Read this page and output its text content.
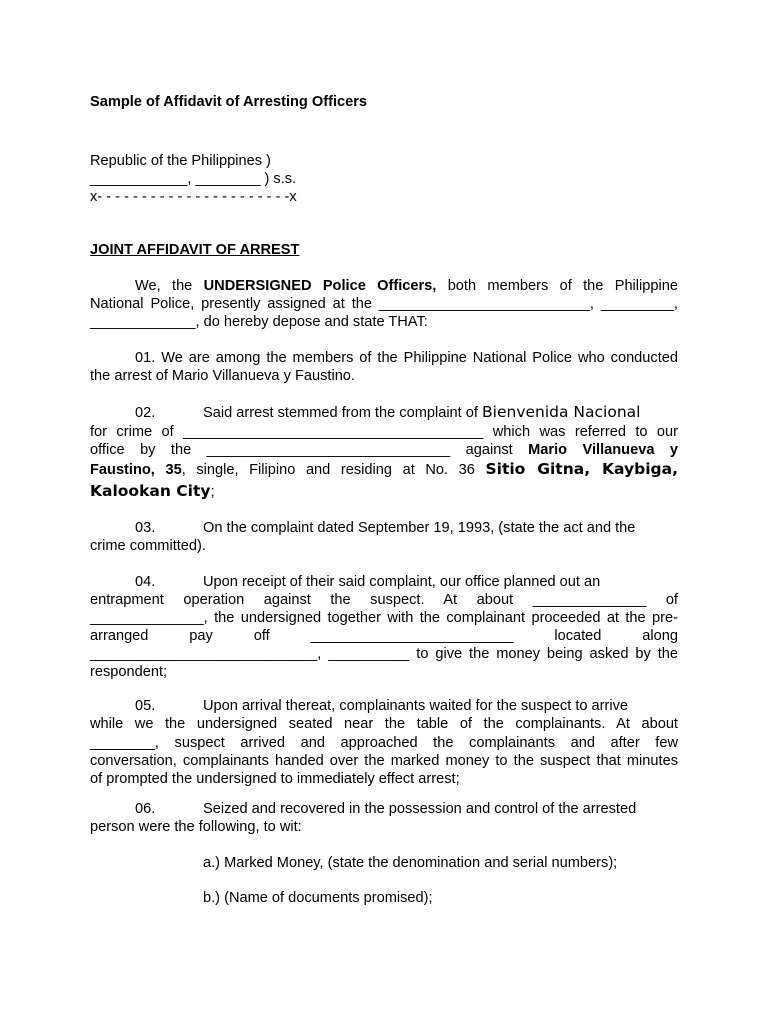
Sample of Affidavit of Arresting Officers
Republic of the Philippines )
____________, ________ ) s.s.
x- - - - - - - - - - - - - - - - - - - - - -x
JOINT AFFIDAVIT OF ARREST
We, the UNDERSIGNED Police Officers, both members of the Philippine
National Police, presently assigned at the __________________________, _________,
_____________, do hereby depose and state THAT:
01. We are among the members of the Philippine National Police who conducted
the arrest of Mario Villanueva y Faustino.
02.	Said arrest stemmed from the complaint of Bienvenida Nacional
for crime of _____________________________________ which was referred to our
office by the ______________________________ against Mario Villanueva y
Faustino, 35, single, Filipino and residing at No. 36 Sitio Gitna, Kaybiga,
Kalookan City;
03.	On the complaint dated September 19, 1993, (state the act and the
crime committed).
04.	Upon receipt of their said complaint, our office planned out an
entrapment operation against the suspect. At about ______________ of
______________, the undersigned together with the complainant proceeded at the pre-
arranged pay off _________________________ located along
____________________________, __________ to give the money being asked by the
respondent;
05.	Upon arrival thereat, complainants waited for the suspect to arrive
while we the undersigned seated near the table of the complainants. At about
________, suspect arrived and approached the complainants and after few
conversation, complainants handed over the marked money to the suspect that minutes
of prompted the undersigned to immediately effect arrest;
06.	Seized and recovered in the possession and control of the arrested
person were the following, to wit:
a.) Marked Money, (state the denomination and serial numbers);
b.) (Name of documents promised);
